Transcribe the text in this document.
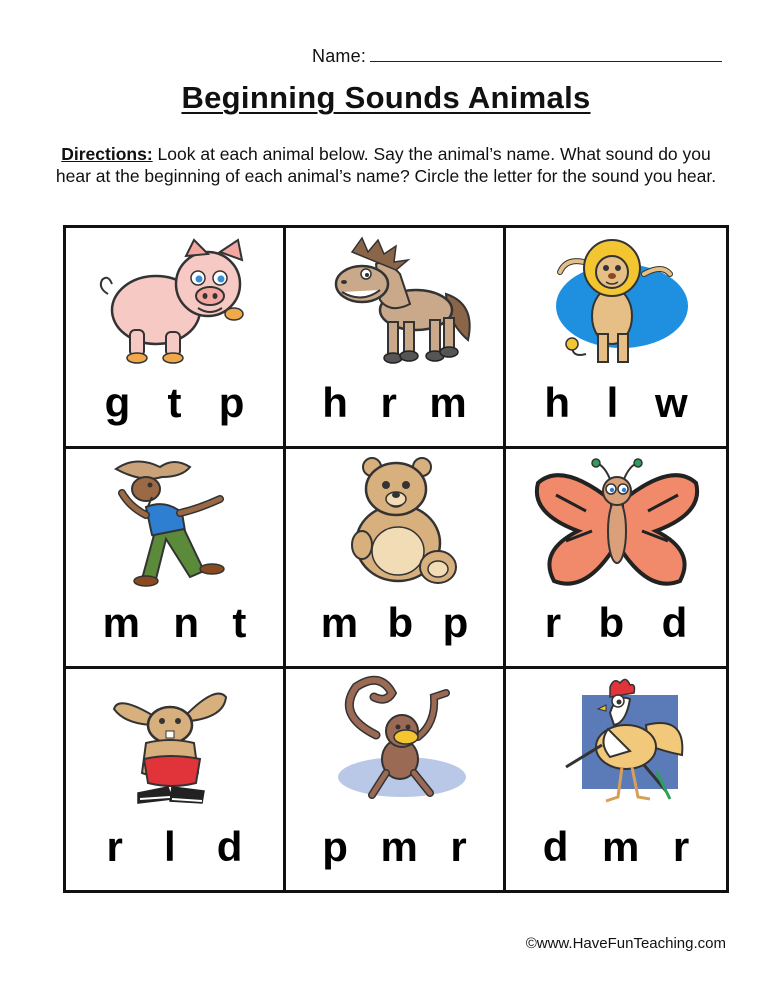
Name:
Beginning Sounds Animals
Directions: Look at each animal below. Say the animal’s name. What sound do you hear at the beginning of each animal’s name? Circle the letter for the sound you hear.
g t p h r m h l w
m n t m b p r b d
r l d p m r d m r
©www.HaveFunTeaching.com
